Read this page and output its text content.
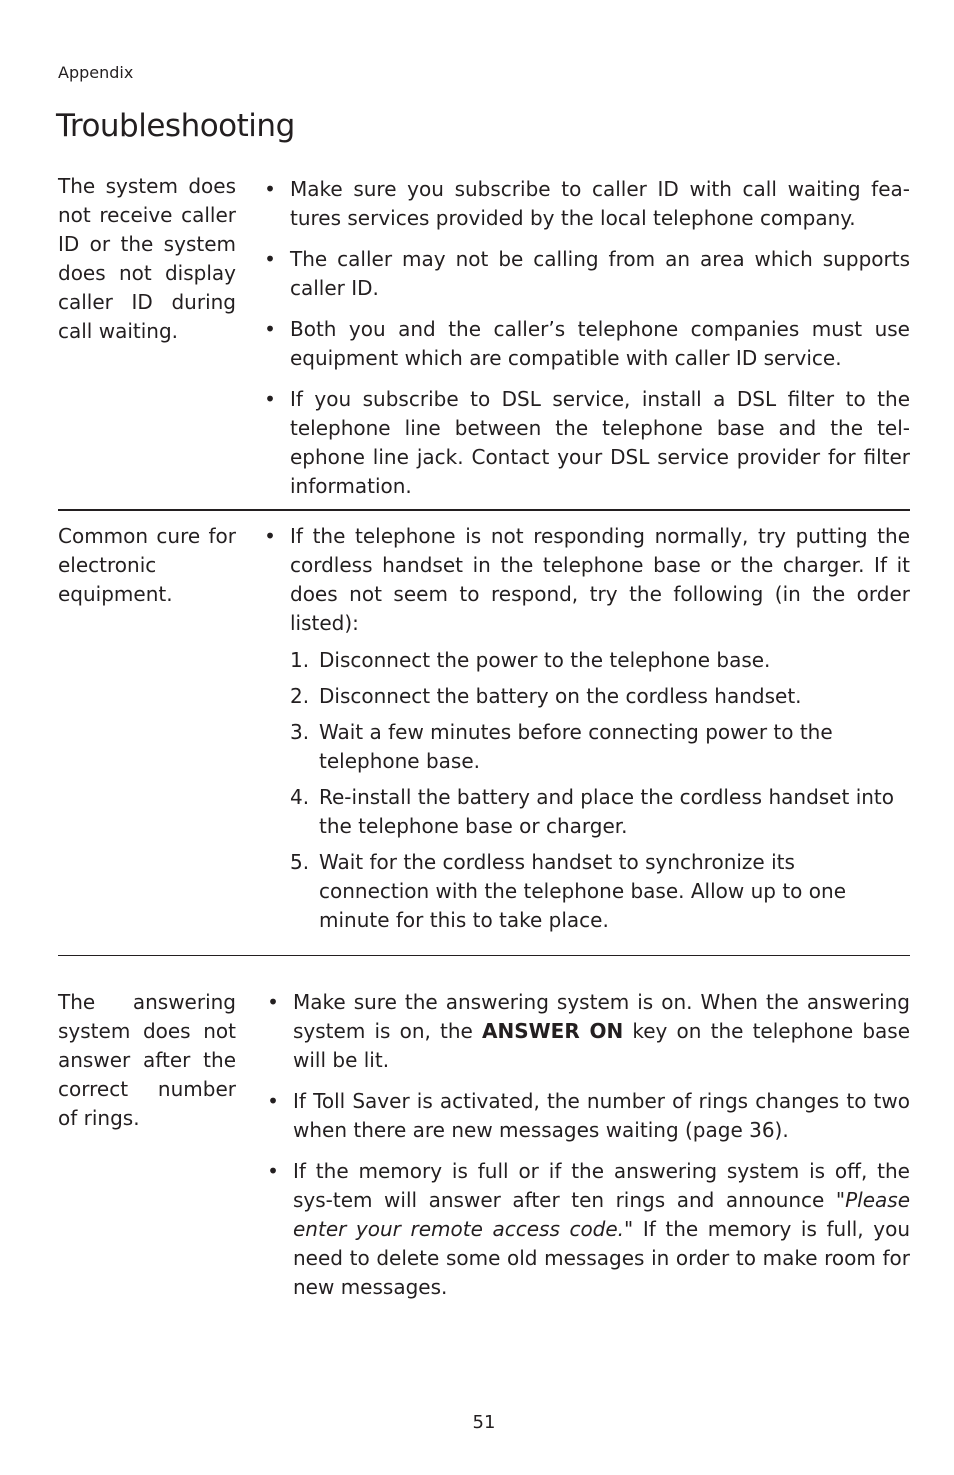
Appendix
Troubleshooting
The system does not receive caller ID or the system does not display caller ID during call waiting.
• Make sure you subscribe to caller ID with call waiting fea-tures services provided by the local telephone company.
• The caller may not be calling from an area which supports caller ID.
• Both you and the caller’s telephone companies must use equipment which are compatible with caller ID service.
• If you subscribe to DSL service, install a DSL filter to the telephone line between the telephone base and the tel-ephone line jack. Contact your DSL service provider for filter information.
Common cure for electronic equipment.
• If the telephone is not responding normally, try putting the cordless handset in the telephone base or the charger. If it does not seem to respond, try the following (in the order listed):
1. Disconnect the power to the telephone base.
2. Disconnect the battery on the cordless handset.
3. Wait a few minutes before connecting power to the telephone base.
4. Re-install the battery and place the cordless handset into the telephone base or charger.
5. Wait for the cordless handset to synchronize its connection with the telephone base. Allow up to one minute for this to take place.
The answering system does not answer after the correct number of rings.
• Make sure the answering system is on. When the answering system is on, the ANSWER ON key on the telephone base will be lit.
• If Toll Saver is activated, the number of rings changes to two when there are new messages waiting (page 36).
• If the memory is full or if the answering system is off, the sys-tem will answer after ten rings and announce "Please enter your remote access code." If the memory is full, you need to delete some old messages in order to make room for new messages.
51
